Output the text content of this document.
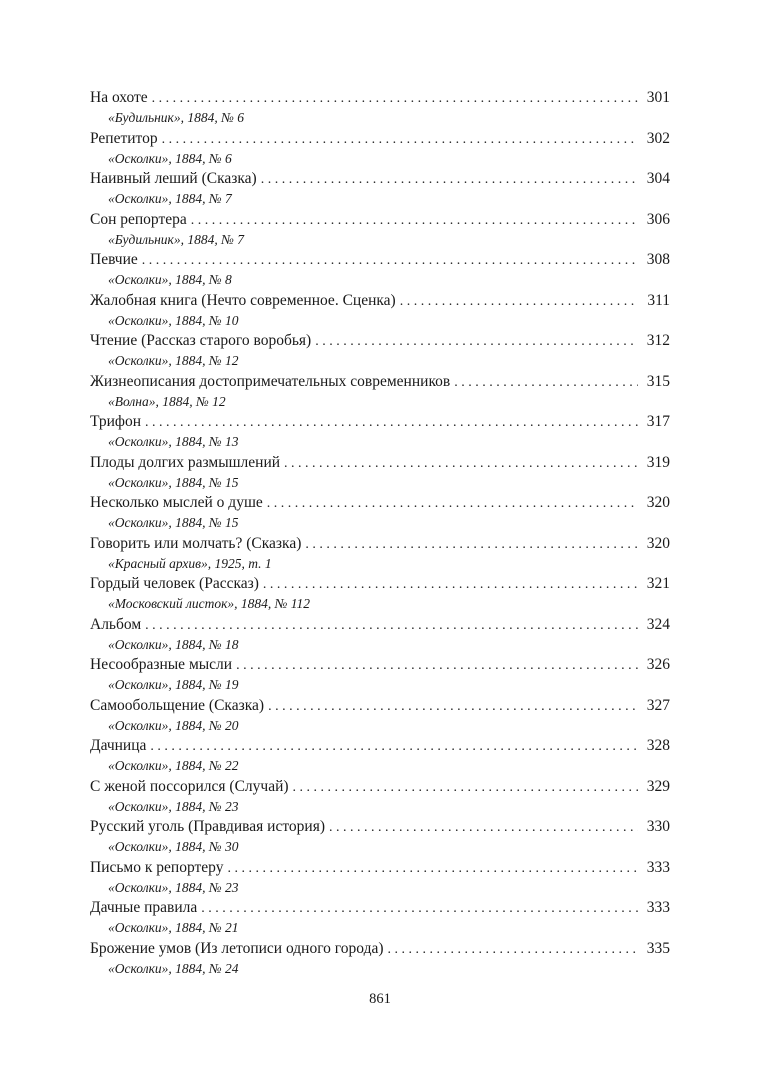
На охоте . . .	301
«Будильник», 1884, № 6
Репетитор . . .	302
«Осколки», 1884, № 6
Наивный леший (Сказка) . . .	304
«Осколки», 1884, № 7
Сон репортера . . .	306
«Будильник», 1884, № 7
Певчие . . .	308
«Осколки», 1884, № 8
Жалобная книга (Нечто современное. Сценка) . . .	311
«Осколки», 1884, № 10
Чтение (Рассказ старого воробья) . . .	312
«Осколки», 1884, № 12
Жизнеописания достопримечательных современников . . .	315
«Волна», 1884, № 12
Трифон . . .	317
«Осколки», 1884, № 13
Плоды долгих размышлений . . .	319
«Осколки», 1884, № 15
Несколько мыслей о душе . . .	320
«Осколки», 1884, № 15
Говорить или молчать? (Сказка) . . .	320
«Красный архив», 1925, т. 1
Гордый человек (Рассказ) . . .	321
«Московский листок», 1884, № 112
Альбом . . .	324
«Осколки», 1884, № 18
Несообразные мысли . . .	326
«Осколки», 1884, № 19
Самообольщение (Сказка) . . .	327
«Осколки», 1884, № 20
Дачница . . .	328
«Осколки», 1884, № 22
С женой поссорился (Случай) . . .	329
«Осколки», 1884, № 23
Русский уголь (Правдивая история) . . .	330
«Осколки», 1884, № 30
Письмо к репортеру . . .	333
«Осколки», 1884, № 23
Дачные правила . . .	333
«Осколки», 1884, № 21
Брожение умов (Из летописи одного города) . . .	335
«Осколки», 1884, № 24
861
